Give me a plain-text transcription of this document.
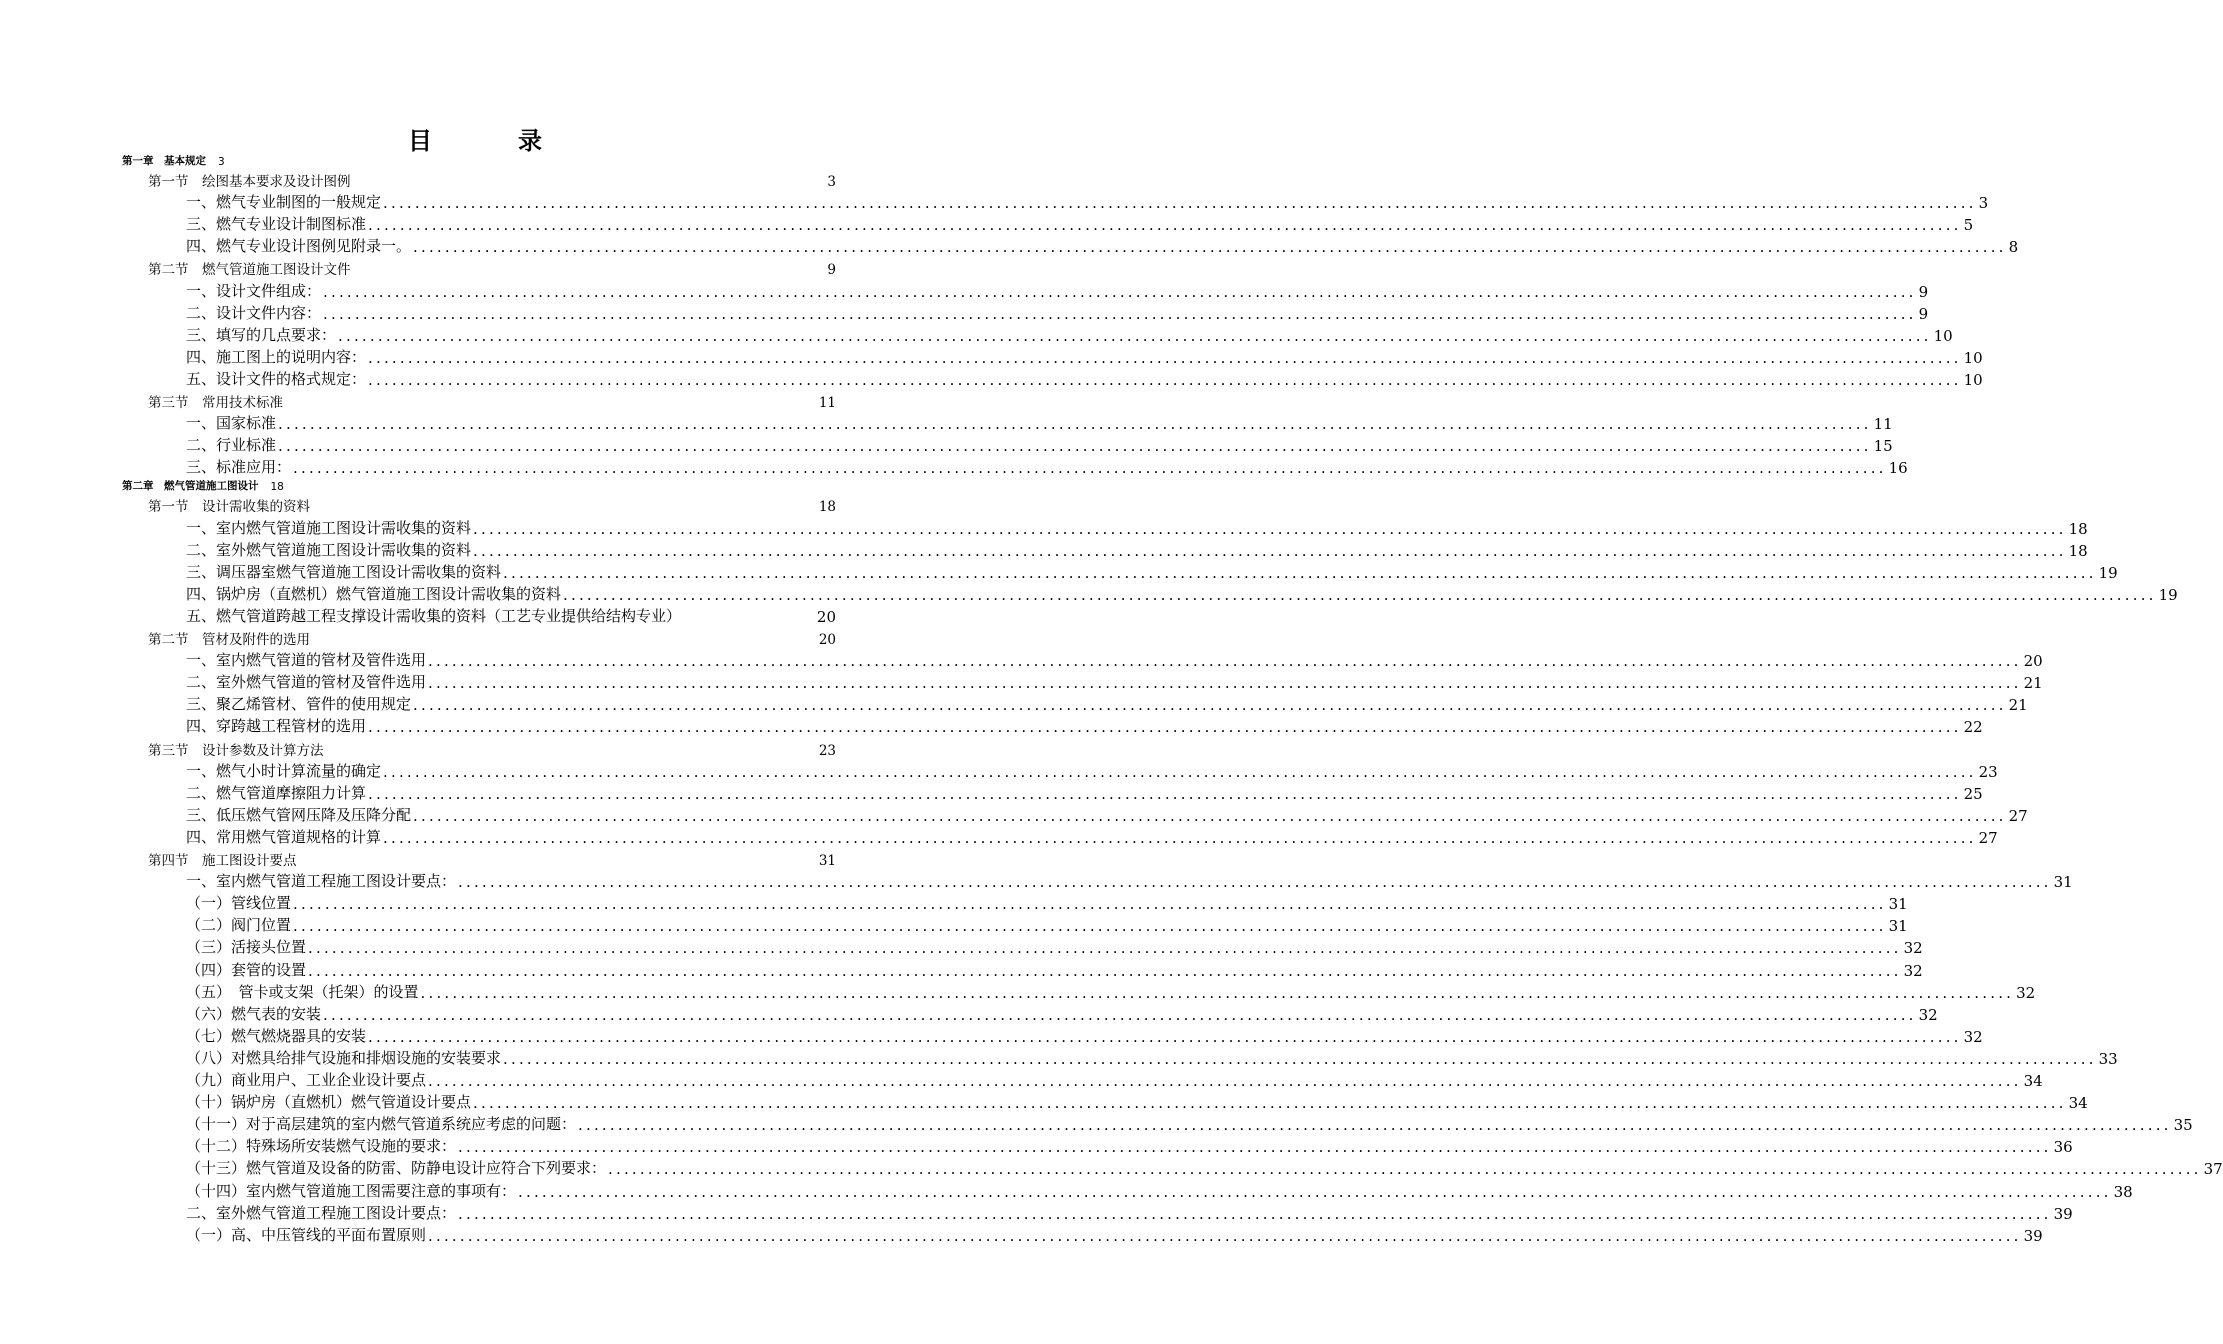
目	录
第一章　基本规定 3
第一节　绘图基本要求及设计图例	3
一、燃气专业制图的一般规定 ........................................................................................................................................................................................................ 3
三、燃气专业设计制图标准 ........................................................................................................................................................................................................ 5
四、燃气专业设计图例见附录一。 ........................................................................................................................................................................................................ 8
第二节　燃气管道施工图设计文件	9
一、设计文件组成： ........................................................................................................................................................................................................ 9
二、设计文件内容： ........................................................................................................................................................................................................ 9
三、填写的几点要求： ........................................................................................................................................................................................................ 10
四、施工图上的说明内容： ........................................................................................................................................................................................................ 10
五、设计文件的格式规定： ........................................................................................................................................................................................................ 10
第三节　常用技术标准	11
一、国家标准 ........................................................................................................................................................................................................ 11
二、行业标准 ........................................................................................................................................................................................................ 15
三、标准应用： ........................................................................................................................................................................................................ 16
第二章　燃气管道施工图设计 18
第一节　设计需收集的资料	18
一、室内燃气管道施工图设计需收集的资料 ........................................................................................................................................................................................................ 18
二、室外燃气管道施工图设计需收集的资料 ........................................................................................................................................................................................................ 18
三、调压器室燃气管道施工图设计需收集的资料 ........................................................................................................................................................................................................ 19
四、锅炉房（直燃机）燃气管道施工图设计需收集的资料 ........................................................................................................................................................................................................ 19
五、燃气管道跨越工程支撑设计需收集的资料（工艺专业提供给结构专业）	20
第二节　管材及附件的选用	20
一、室内燃气管道的管材及管件选用 ........................................................................................................................................................................................................ 20
二、室外燃气管道的管材及管件选用 ........................................................................................................................................................................................................ 21
三、聚乙烯管材、管件的使用规定 ........................................................................................................................................................................................................ 21
四、穿跨越工程管材的选用 ........................................................................................................................................................................................................ 22
第三节　设计参数及计算方法	23
一、燃气小时计算流量的确定 ........................................................................................................................................................................................................ 23
二、燃气管道摩擦阻力计算 ........................................................................................................................................................................................................ 25
三、低压燃气管网压降及压降分配 ........................................................................................................................................................................................................ 27
四、常用燃气管道规格的计算 ........................................................................................................................................................................................................ 27
第四节　施工图设计要点	31
一、室内燃气管道工程施工图设计要点： ........................................................................................................................................................................................................ 31
（一）管线位置 ........................................................................................................................................................................................................ 31
（二）阀门位置 ........................................................................................................................................................................................................ 31
（三）活接头位置 ........................................................................................................................................................................................................ 32
（四）套管的设置 ........................................................................................................................................................................................................ 32
（五）　管卡或支架（托架）的设置 ........................................................................................................................................................................................................ 32
（六）燃气表的安装 ........................................................................................................................................................................................................ 32
（七）燃气燃烧器具的安装 ........................................................................................................................................................................................................ 32
（八）对燃具给排气设施和排烟设施的安装要求 ........................................................................................................................................................................................................ 33
（九）商业用户、工业企业设计要点 ........................................................................................................................................................................................................ 34
（十）锅炉房（直燃机）燃气管道设计要点 ........................................................................................................................................................................................................ 34
（十一）对于高层建筑的室内燃气管道系统应考虑的问题： ........................................................................................................................................................................................................ 35
（十二）特殊场所安装燃气设施的要求： ........................................................................................................................................................................................................ 36
（十三）燃气管道及设备的防雷、防静电设计应符合下列要求： ........................................................................................................................................................................................................ 37
（十四）室内燃气管道施工图需要注意的事项有： ........................................................................................................................................................................................................ 38
二、室外燃气管道工程施工图设计要点： ........................................................................................................................................................................................................ 39
（一）高、中压管线的平面布置原则 ........................................................................................................................................................................................................ 39
